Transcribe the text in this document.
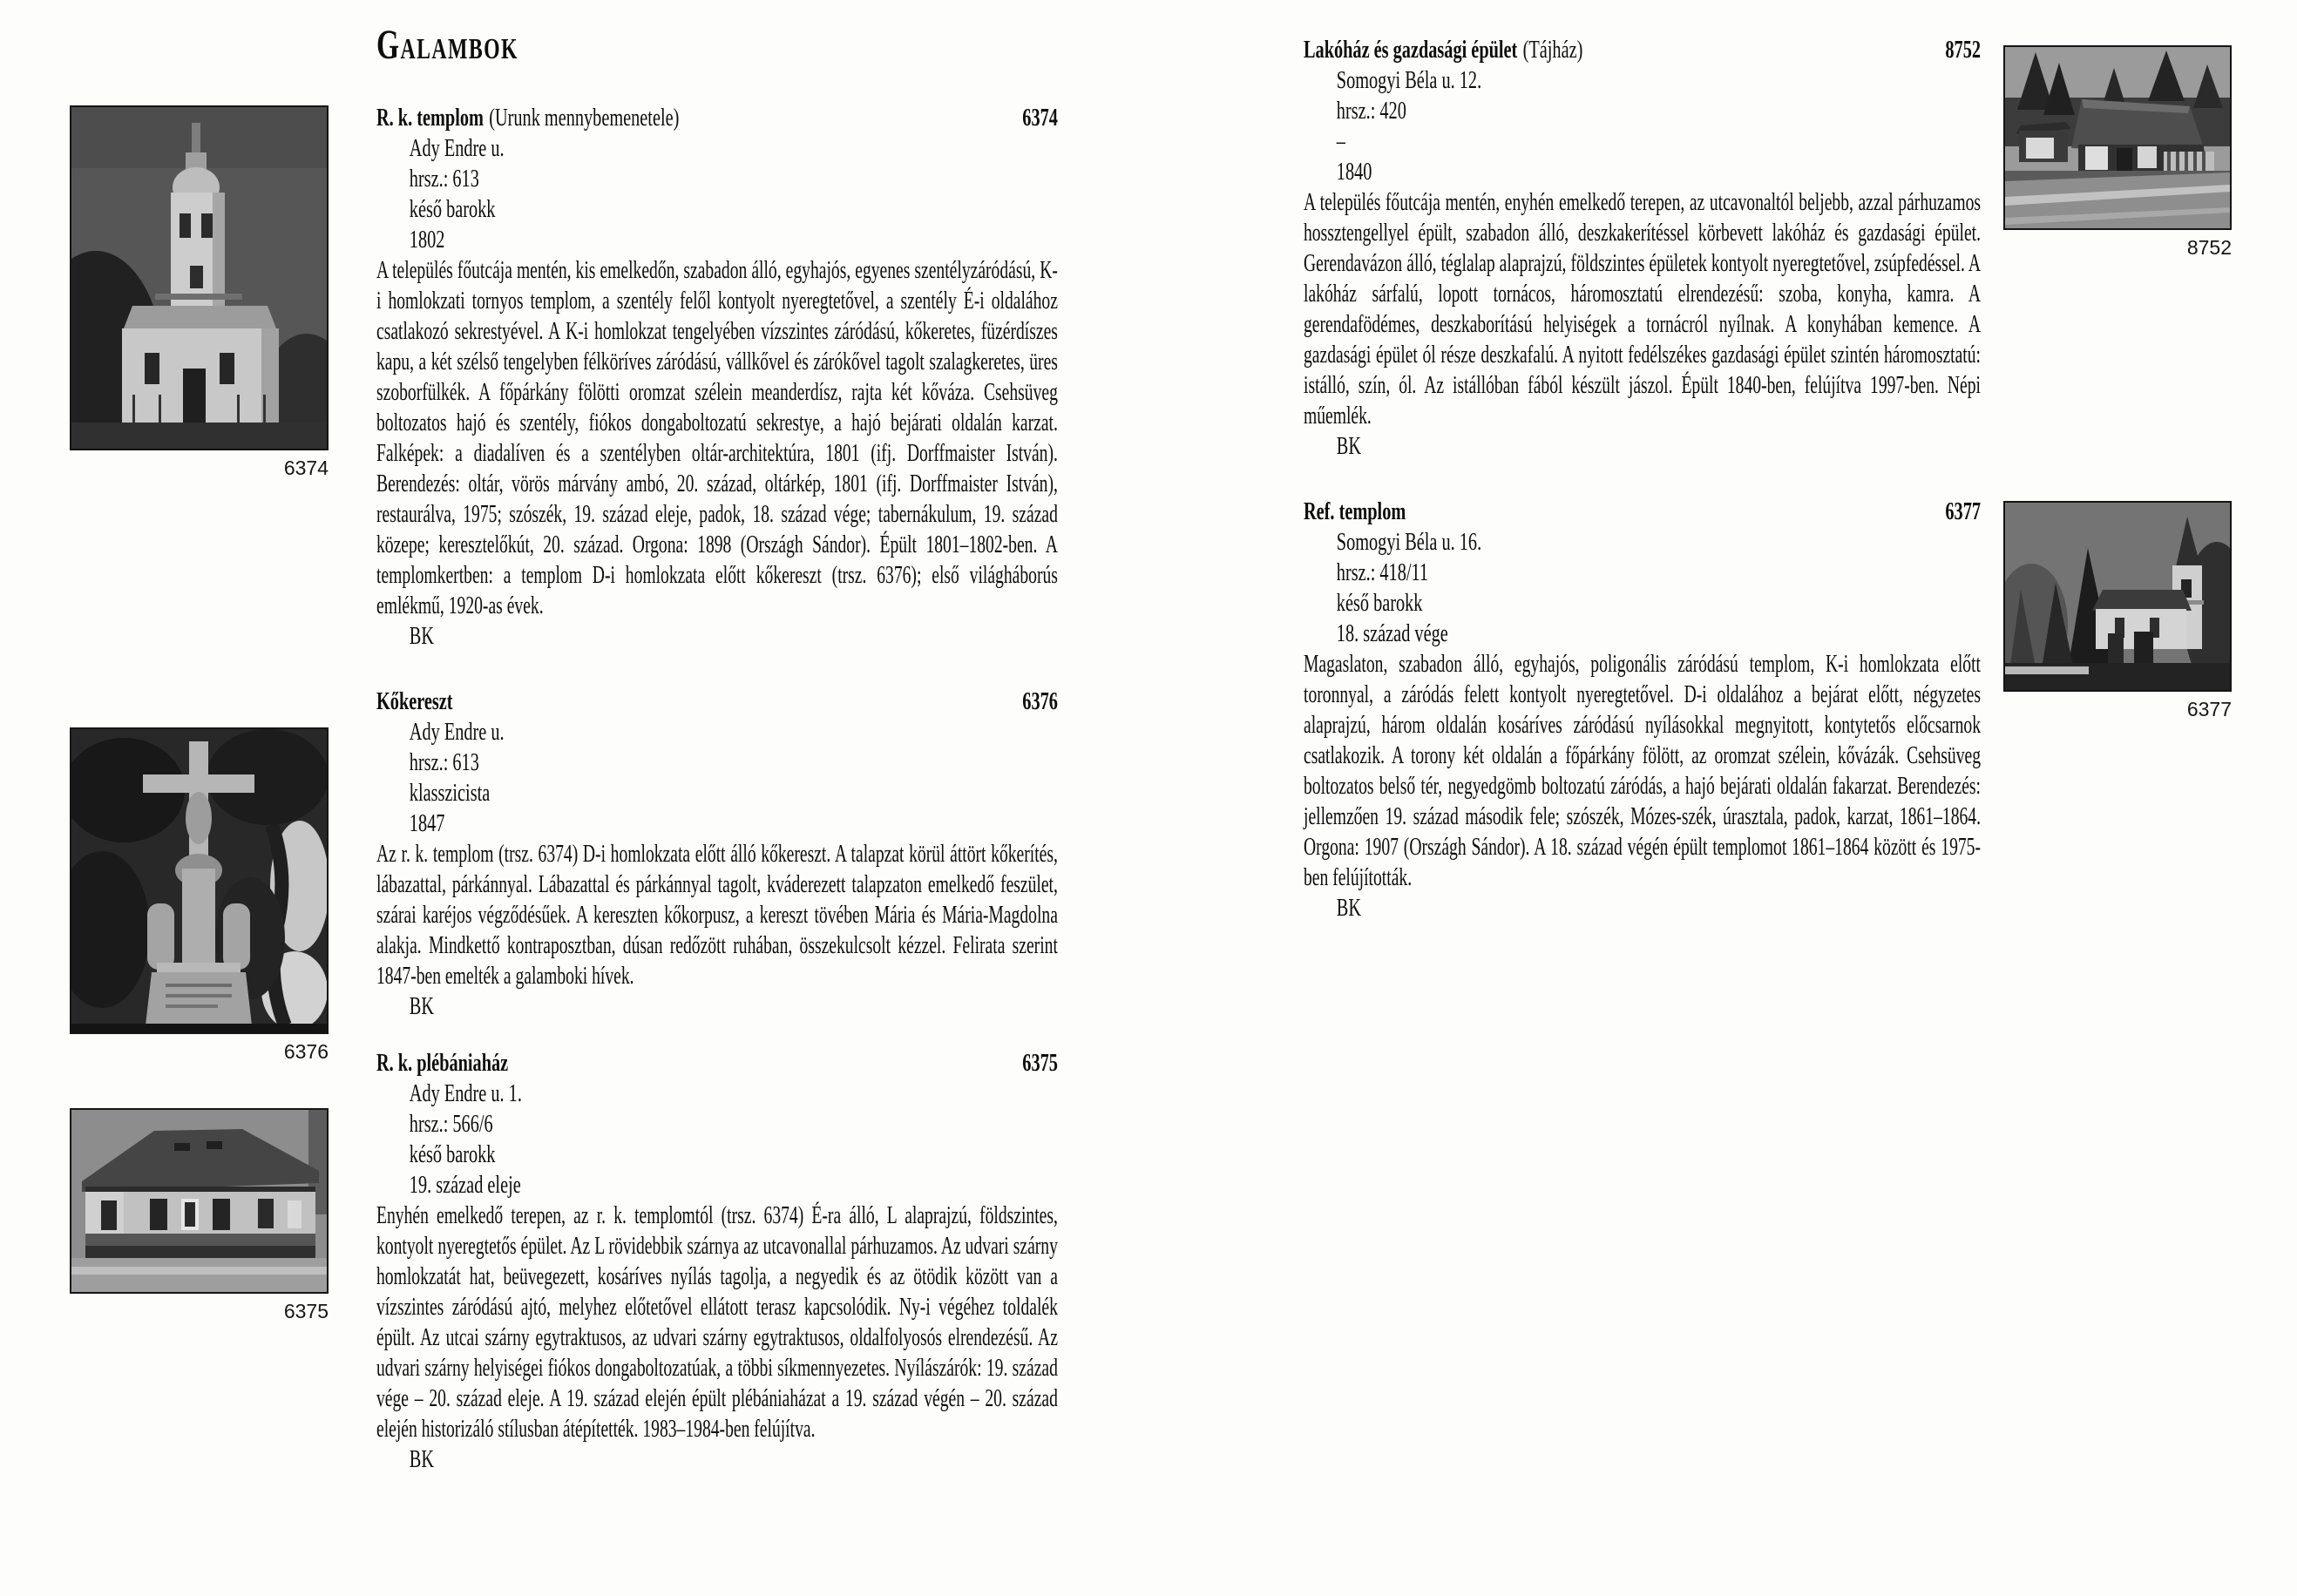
6374
6376
6375
8752
6377
Galambok
R. k. templom (Urunk mennybemenetele)	6374
Ady Endre u.
hrsz.: 613
késő barokk
1802

A település főutcája mentén, kis emelkedőn, szabadon álló, egyhajós, egyenes szentélyzáródású, K-i homlokzati tornyos templom, a szentély felől kontyolt nyeregtetővel, a szentély É-i oldalához csatlakozó sekrestyével. A K-i homlokzat tengelyében vízszintes záródású, kőkeretes, füzérdíszes kapu, a két szélső tengelyben félköríves záródású, vállkővel és zárókővel tagolt szalagkeretes, üres szoborfülkék. A főpárkány fölötti oromzat szélein meanderdísz, rajta két kőváza. Csehsüveg boltozatos hajó és szentély, fiókos dongaboltozatú sekrestye, a hajó bejárati oldalán karzat. Falképek: a diadalíven és a szentélyben oltár-architektúra, 1801 (ifj. Dorffmaister István). Berendezés: oltár, vörös márvány ambó, 20. század, oltárkép, 1801 (ifj. Dorffmaister István), restaurálva, 1975; szószék, 19. század eleje, padok, 18. század vége; tabernákulum, 19. század közepe; keresztelőkút, 20. század. Orgona: 1898 (Országh Sándor). Épült 1801–1802-ben. A templomkertben: a templom D-i homlokzata előtt kőkereszt (trsz. 6376); első világháborús emlékmű, 1920-as évek.

BK
Kőkereszt	6376
Ady Endre u.
hrsz.: 613
klasszicista
1847

Az r. k. templom (trsz. 6374) D-i homlokzata előtt álló kőkereszt. A talapzat körül áttört kőkerítés, lábazattal, párkánnyal. Lábazattal és párkánnyal tagolt, kváderezett talapzaton emelkedő feszület, szárai karéjos végződésűek. A kereszten kőkorpusz, a kereszt tövében Mária és Mária-Magdolna alakja. Mindkettő kontraposztban, dúsan redőzött ruhában, összekulcsolt kézzel. Felirata szerint 1847-ben emelték a galamboki hívek.

BK
R. k. plébániaház	6375
Ady Endre u. 1.
hrsz.: 566/6
késő barokk
19. század eleje

Enyhén emelkedő terepen, az r. k. templomtól (trsz. 6374) É-ra álló, L alaprajzú, földszintes, kontyolt nyeregtetős épület. Az L rövidebbik szárnya az utcavonallal párhuzamos. Az udvari szárny homlokzatát hat, beüvegezett, kosáríves nyílás tagolja, a negyedik és az ötödik között van a vízszintes záródású ajtó, melyhez előtetővel ellátott terasz kapcsolódik. Ny-i végéhez toldalék épült. Az utcai szárny egytraktusos, az udvari szárny egytraktusos, oldalfolyosós elrendezésű. Az udvari szárny helyiségei fiókos dongaboltozatúak, a többi síkmennyezetes. Nyílászárók: 19. század vége – 20. század eleje. A 19. század elején épült plébániaházat a 19. század végén – 20. század elején historizáló stílusban átépítették. 1983–1984-ben felújítva.

BK
Lakóház és gazdasági épület (Tájház)	8752
Somogyi Béla u. 12.
hrsz.: 420
–
1840

A település főutcája mentén, enyhén emelkedő terepen, az utcavonaltól beljebb, azzal párhuzamos hossztengellyel épült, szabadon álló, deszkakerítéssel körbevett lakóház és gazdasági épület. Gerendavázon álló, téglalap alaprajzú, földszintes épületek kontyolt nyeregtetővel, zsúpfedéssel. A lakóház sárfalú, lopott tornácos, háromosztatú elrendezésű: szoba, konyha, kamra. A gerendafödémes, deszkaborítású helyiségek a tornácról nyílnak. A konyhában kemence. A gazdasági épület ól része deszkafalú. A nyitott fedélszékes gazdasági épület szintén háromosztatú: istálló, szín, ól. Az istállóban fából készült jászol. Épült 1840-ben, felújítva 1997-ben. Népi műemlék.

BK
Ref. templom	6377
Somogyi Béla u. 16.
hrsz.: 418/11
késő barokk
18. század vége

Magaslaton, szabadon álló, egyhajós, poligonális záródású templom, K-i homlokzata előtt toronnyal, a záródás felett kontyolt nyeregtetővel. D-i oldalához a bejárat előtt, négyzetes alaprajzú, három oldalán kosáríves záródású nyílásokkal megnyitott, kontytetős előcsarnok csatlakozik. A torony két oldalán a főpárkány fölött, az oromzat szélein, kővázák. Csehsüveg boltozatos belső tér, negyedgömb boltozatú záródás, a hajó bejárati oldalán fakarzat. Berendezés: jellemzően 19. század második fele; szószék, Mózes-szék, úrasztala, padok, karzat, 1861–1864. Orgona: 1907 (Országh Sándor). A 18. század végén épült templomot 1861–1864 között és 1975-ben felújították.

BK
